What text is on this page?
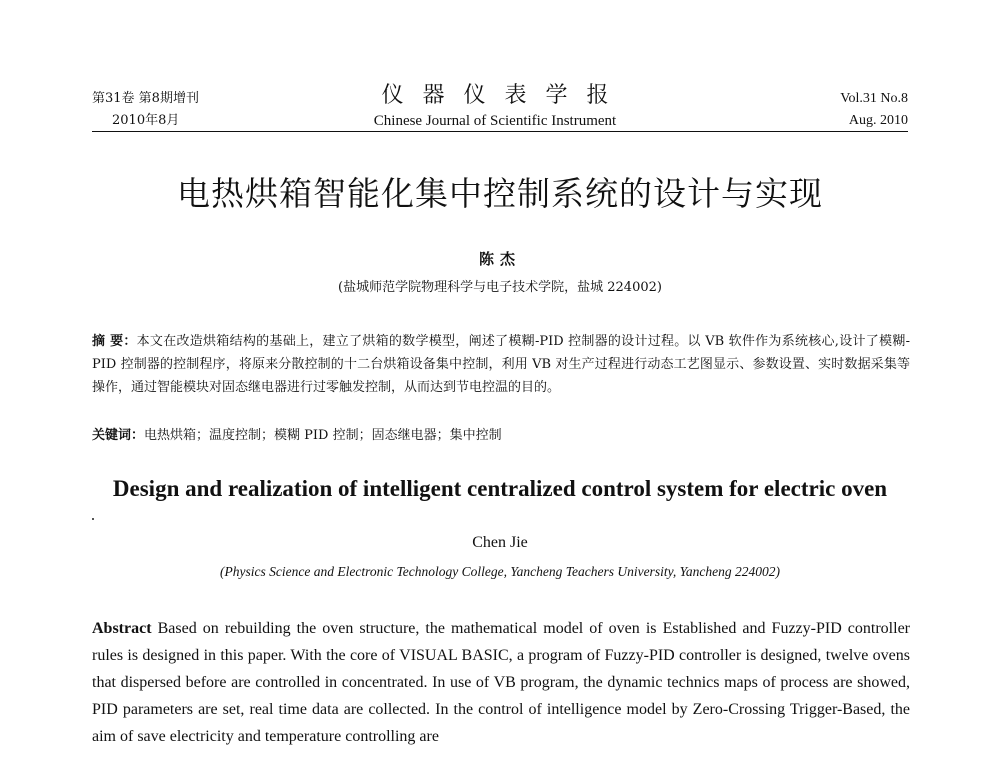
第31卷 第8期增刊
2010年8月
仪器仪表学报
Chinese Journal of Scientific Instrument
Vol.31 No.8
Aug. 2010
电热烘箱智能化集中控制系统的设计与实现
陈杰
(盐城师范学院物理科学与电子技术学院，盐城 224002)
摘 要：本文在改造烘箱结构的基础上，建立了烘箱的数学模型，阐述了模糊-PID 控制器的设计过程。以 VB 软件作为系统核心,设计了模糊-PID 控制器的控制程序，将原来分散控制的十二台烘箱设备集中控制，利用 VB 对生产过程进行动态工艺图显示、参数设置、实时数据采集等操作，通过智能模块对固态继电器进行过零触发控制，从而达到节电控温的目的。
关键词：电热烘箱；温度控制；模糊 PID 控制；固态继电器；集中控制
Design and realization of intelligent centralized control system for electric oven
Chen Jie
(Physics Science and Electronic Technology College, Yancheng Teachers University, Yancheng 224002)
Abstract Based on rebuilding the oven structure, the mathematical model of oven is Established and Fuzzy-PID controller rules is designed in this paper. With the core of VISUAL BASIC, a program of Fuzzy-PID controller is designed, twelve ovens that dispersed before are controlled in concentrated. In use of VB program, the dynamic technics maps of process are showed, PID parameters are set, real time data are collected. In the control of intelligence model by Zero-Crossing Trigger-Based, the aim of save electricity and temperature controlling are
